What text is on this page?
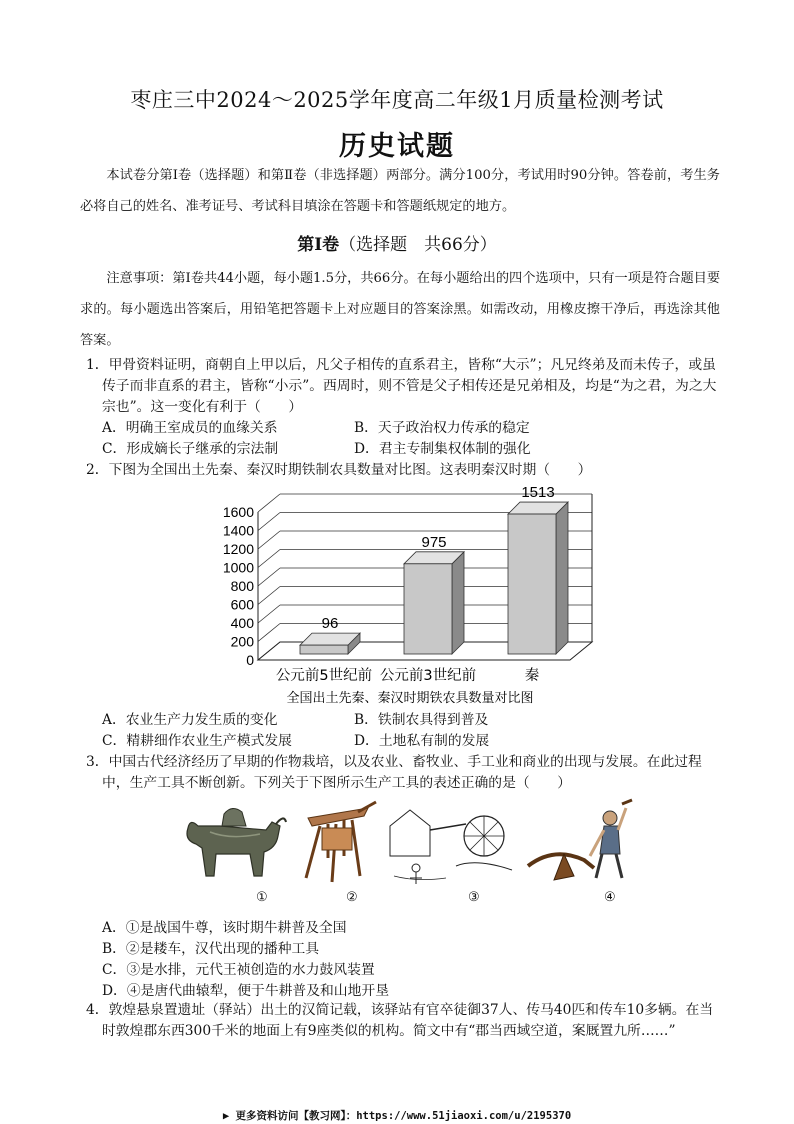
枣庄三中2024～2025学年度高二年级1月质量检测考试
历史试题
本试卷分第Ⅰ卷（选择题）和第Ⅱ卷（非选择题）两部分。满分100分，考试用时90分钟。答卷前，考生务必将自己的姓名、准考证号、考试科目填涂在答题卡和答题纸规定的地方。
第Ⅰ卷（选择题　共66分）
注意事项：第Ⅰ卷共44小题，每小题1.5分，共66分。在每小题给出的四个选项中，只有一项是符合题目要求的。每小题选出答案后，用铅笔把答题卡上对应题目的答案涂黑。如需改动，用橡皮擦干净后，再选涂其他答案。
1．甲骨资料证明，商朝自上甲以后，凡父子相传的直系君主，皆称“大示”；凡兄终弟及而未传子，或虽传子而非直系的君主，皆称“小示”。西周时，则不管是父子相传还是兄弟相及，均是“为之君，为之大宗也”。这一变化有利于（　　）
A．明确王室成员的血缘关系	B．天子政治权力传承的稳定
C．形成嫡长子继承的宗法制	D．君主专制集权体制的强化
2．下图为全国出土先秦、秦汉时期铁制农具数量对比图。这表明秦汉时期（　　）
0
200
400
600
800
1000
1200
1400
1600
96
公元前5世纪前
975
公元前3世纪前
1513
秦
全国出土先秦、秦汉时期铁农具数量对比图
A．农业生产力发生质的变化	B．铁制农具得到普及
C．精耕细作农业生产模式发展	D．土地私有制的发展
3．中国古代经济经历了早期的作物栽培，以及农业、畜牧业、手工业和商业的出现与发展。在此过程中，生产工具不断创新。下列关于下图所示生产工具的表述正确的是（　　）
①	②	③	④
A．①是战国牛尊，该时期牛耕普及全国
B．②是耧车，汉代出现的播种工具
C．③是水排，元代王祯创造的水力鼓风装置
D．④是唐代曲辕犁，便于牛耕普及和山地开垦
4．敦煌悬泉置遗址（驿站）出土的汉简记载，该驿站有官卒徒御37人、传马40匹和传车10多辆。在当时敦煌郡东西300千米的地面上有9座类似的机构。简文中有“郡当西域空道，案厩置九所……”
▶ 更多资料访问【教习网】：https://www.51jiaoxi.com/u/2195370
